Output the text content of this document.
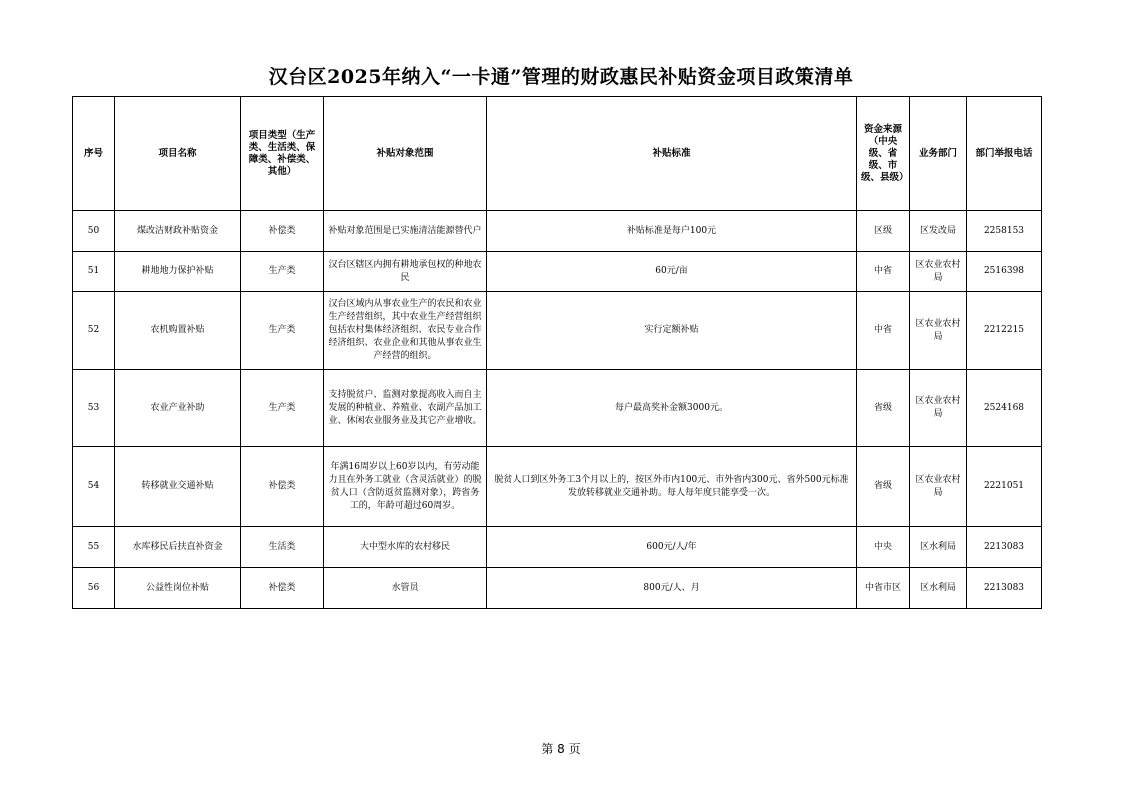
汉台区2025年纳入“一卡通”管理的财政惠民补贴资金项目政策清单
序号	项目名称	项目类型（生产类、生活类、保障类、补偿类、其他）	补贴对象范围	补贴标准	资金来源（中央级、省级、市级、县级）	业务部门	部门举报电话
50	煤改洁财政补贴资金	补偿类	补贴对象范围是已实施清洁能源替代户	补贴标准是每户100元	区级	区发改局	2258153
51	耕地地力保护补贴	生产类	汉台区辖区内拥有耕地承包权的种地农民	60元/亩	中省	区农业农村局	2516398
52	农机购置补贴	生产类	汉台区域内从事农业生产的农民和农业生产经营组织，其中农业生产经营组织包括农村集体经济组织、农民专业合作经济组织、农业企业和其他从事农业生产经营的组织。	实行定额补贴	中省	区农业农村局	2212215
53	农业产业补助	生产类	支持脱贫户、监测对象提高收入而自主发展的种植业、养殖业、农副产品加工业、休闲农业服务业及其它产业增收。	每户最高奖补金额3000元。	省级	区农业农村局	2524168
54	转移就业交通补贴	补偿类	年满16周岁以上60岁以内，有劳动能力且在外务工就业（含灵活就业）的脱贫人口（含防返贫监测对象），跨省务工的，年龄可超过60周岁。	脱贫人口到区外务工3个月以上的，按区外市内100元、市外省内300元、省外500元标准发放转移就业交通补助。每人每年度只能享受一次。	省级	区农业农村局	2221051
55	水库移民后扶直补资金	生活类	大中型水库的农村移民	600元/人/年	中央	区水利局	2213083
56	公益性岗位补贴	补偿类	水管员	800元/人、月	中省市区	区水利局	2213083
第 8 页
